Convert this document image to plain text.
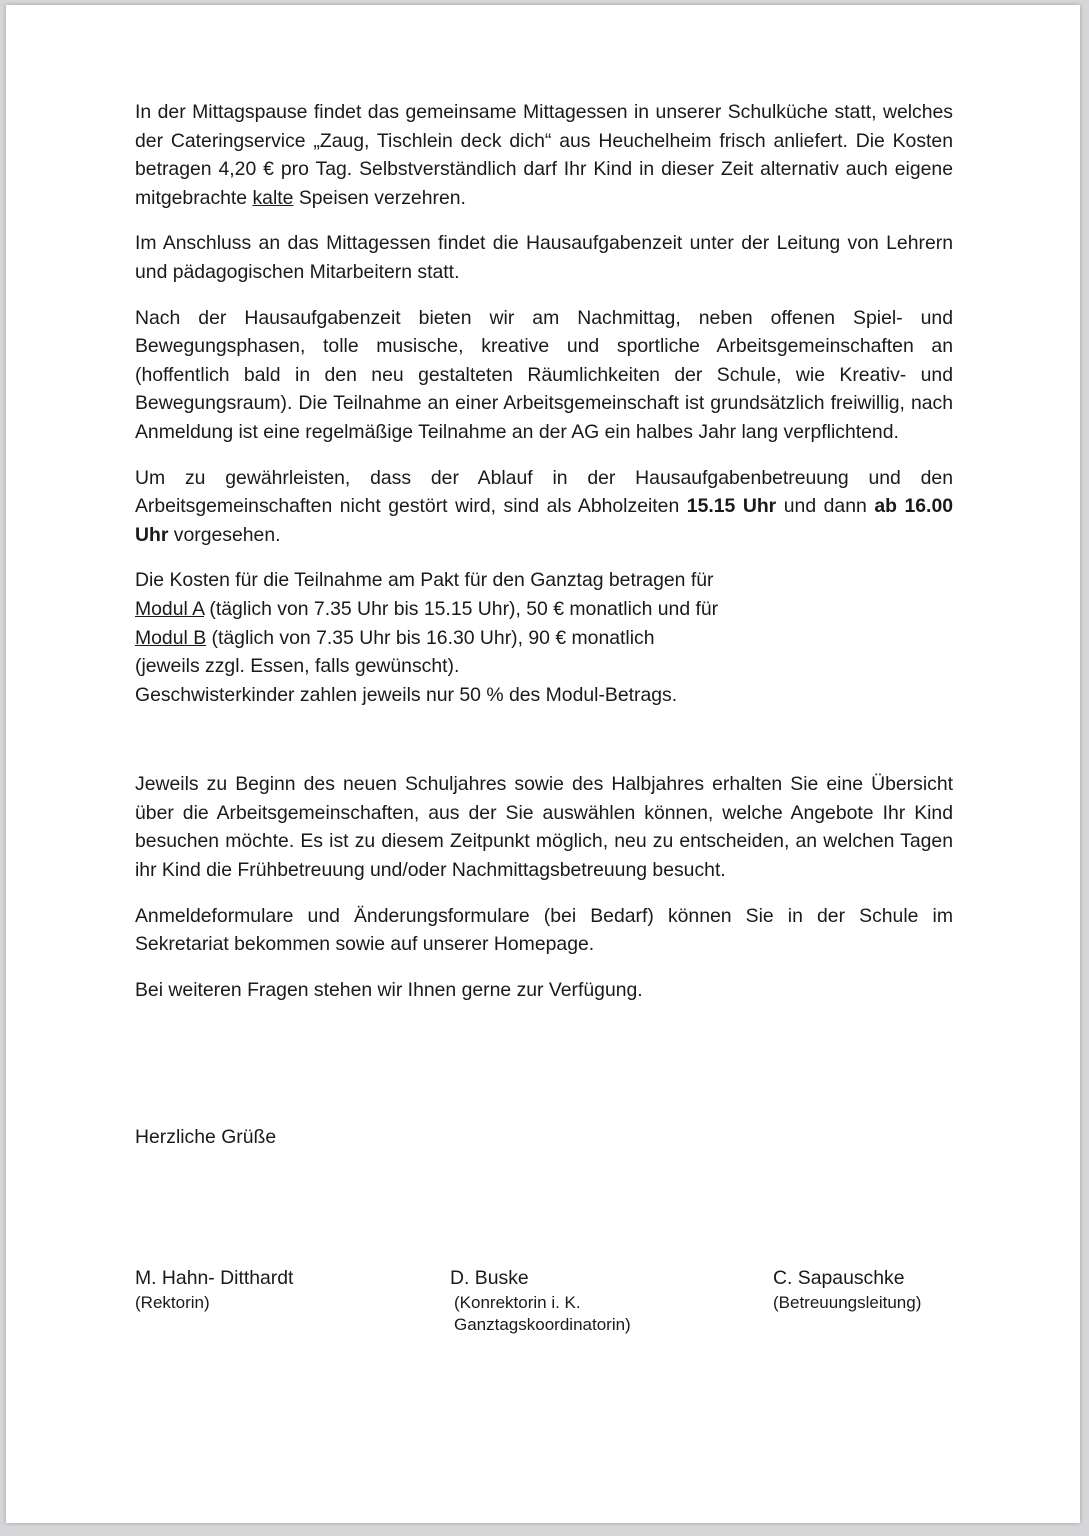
In der Mittagspause findet das gemeinsame Mittagessen in unserer Schulküche statt, welches der Cateringservice „Zaug, Tischlein deck dich“ aus Heuchelheim frisch anliefert. Die Kosten betragen 4,20 € pro Tag. Selbstverständlich darf Ihr Kind in dieser Zeit alternativ auch eigene mitgebrachte kalte Speisen verzehren.

Im Anschluss an das Mittagessen findet die Hausaufgabenzeit unter der Leitung von Lehrern und pädagogischen Mitarbeitern statt.

Nach der Hausaufgabenzeit bieten wir am Nachmittag, neben offenen Spiel- und Bewegungsphasen, tolle musische, kreative und sportliche Arbeitsgemeinschaften an (hoffentlich bald in den neu gestalteten Räumlichkeiten der Schule, wie Kreativ- und Bewegungsraum). Die Teilnahme an einer Arbeitsgemeinschaft ist grundsätzlich freiwillig, nach Anmeldung ist eine regelmäßige Teilnahme an der AG ein halbes Jahr lang verpflichtend.

Um zu gewährleisten, dass der Ablauf in der Hausaufgabenbetreuung und den Arbeitsgemeinschaften nicht gestört wird, sind als Abholzeiten 15.15 Uhr und dann ab 16.00 Uhr vorgesehen.

Die Kosten für die Teilnahme am Pakt für den Ganztag betragen für
Modul A (täglich von 7.35 Uhr bis 15.15 Uhr), 50 € monatlich und für
Modul B (täglich von 7.35 Uhr bis 16.30 Uhr), 90 € monatlich
(jeweils zzgl. Essen, falls gewünscht).
Geschwisterkinder zahlen jeweils nur 50 % des Modul-Betrags.

Jeweils zu Beginn des neuen Schuljahres sowie des Halbjahres erhalten Sie eine Übersicht über die Arbeitsgemeinschaften, aus der Sie auswählen können, welche Angebote Ihr Kind besuchen möchte. Es ist zu diesem Zeitpunkt möglich, neu zu entscheiden, an welchen Tagen ihr Kind die Frühbetreuung und/oder Nachmittagsbetreuung besucht.

Anmeldeformulare und Änderungsformulare (bei Bedarf) können Sie in der Schule im Sekretariat bekommen sowie auf unserer Homepage.

Bei weiteren Fragen stehen wir Ihnen gerne zur Verfügung.

Herzliche Grüße
M. Hahn- Ditthardt
(Rektorin)
D. Buske
(Konrektorin i. K.
Ganztagskoordinatorin)
C. Sapauschke
(Betreuungsleitung)
